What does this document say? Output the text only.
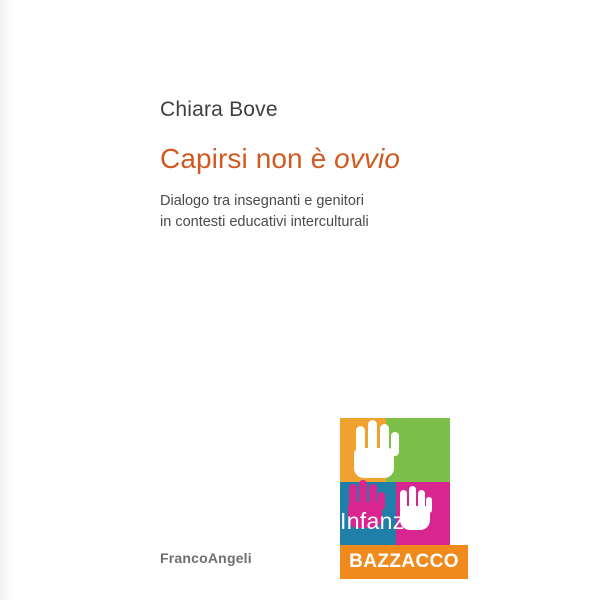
Chiara Bove
Capirsi non è ovvio

Dialogo tra insegnanti e genitori
in contesti educativi interculturali

FrancoAngeli
Infanzie
BAZZACCO
